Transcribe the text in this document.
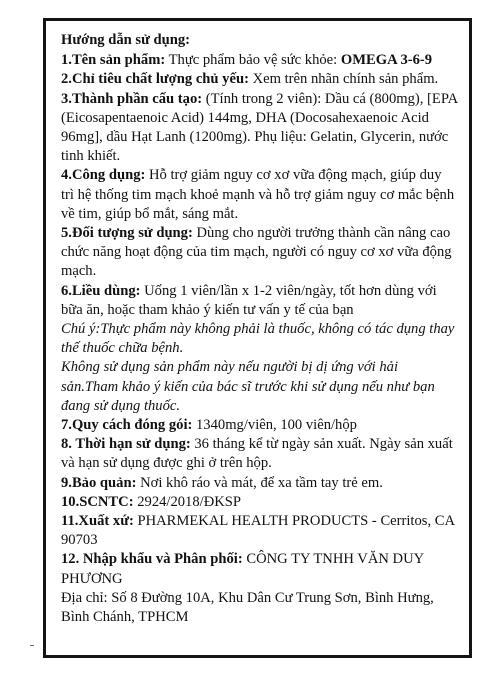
Hướng dẫn sử dụng:

1.Tên sản phẩm: Thực phẩm bảo vệ sức khỏe: OMEGA 3-6-9

2.Chỉ tiêu chất lượng chủ yếu: Xem trên nhãn chính sản phẩm.

3.Thành phần cấu tạo: (Tính trong 2 viên): Dầu cá (800mg), [EPA (Eicosapentaenoic Acid) 144mg, DHA (Docosahexaenoic Acid 96mg], dầu Hạt Lanh (1200mg). Phụ liệu: Gelatin, Glycerin, nước tinh khiết.

4.Công dụng: Hỗ trợ giảm nguy cơ xơ vữa động mạch, giúp duy trì hệ thống tim mạch khoẻ mạnh và hỗ trợ giảm nguy cơ mắc bệnh về tim, giúp bổ mắt, sáng mắt.

5.Đối tượng sử dụng: Dùng cho người trưởng thành cần nâng cao chức năng hoạt động của tim mạch, người có nguy cơ xơ vữa động mạch.

6.Liều dùng: Uống 1 viên/lần x 1-2 viên/ngày, tốt hơn dùng với bữa ăn, hoặc tham khảo ý kiến tư vấn y tế của bạn

Chú ý:Thực phẩm này không phải là thuốc, không có tác dụng thay thế thuốc chữa bệnh.

Không sử dụng sản phẩm này nếu người bị dị ứng với hải sản.Tham khảo ý kiến của bác sĩ trước khi sử dụng nếu như bạn đang sử dụng thuốc.

7.Quy cách đóng gói: 1340mg/viên, 100 viên/hộp

8. Thời hạn sử dụng: 36 tháng kể từ ngày sản xuất. Ngày sản xuất và hạn sử dụng được ghi ở trên hộp.

9.Bảo quản: Nơi khô ráo và mát, để xa tầm tay trẻ em.

10.SCNTC: 2924/2018/ĐKSP

11.Xuất xứ: PHARMEKAL HEALTH PRODUCTS - Cerritos, CA 90703

12. Nhập khẩu và Phân phối: CÔNG TY TNHH VĂN DUY PHƯƠNG

Địa chỉ: Số 8 Đường 10A, Khu Dân Cư Trung Sơn, Bình Hưng, Bình Chánh, TPHCM
